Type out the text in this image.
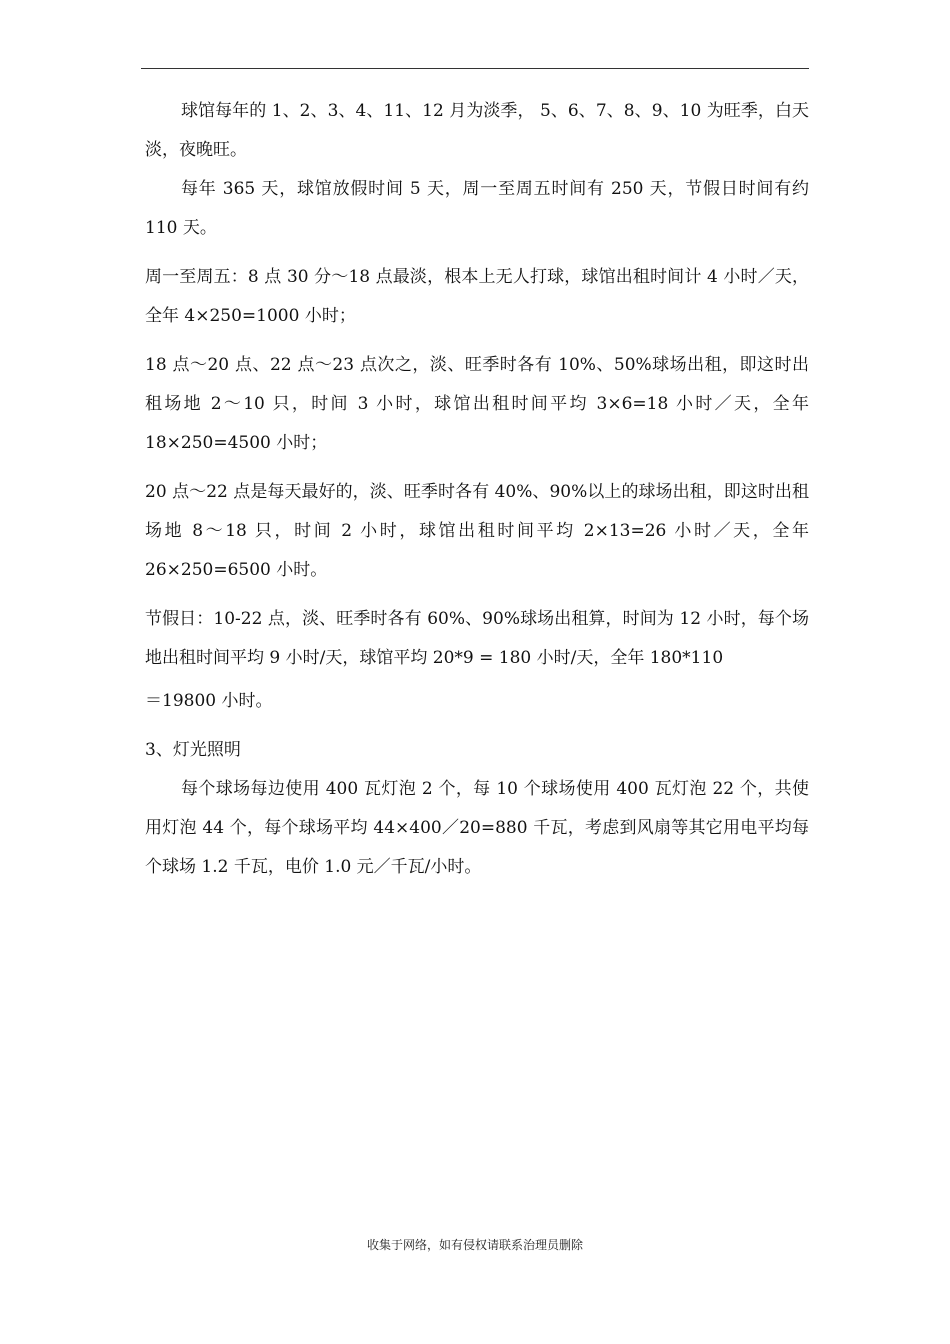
球馆每年的 1、2、3、4、11、12 月为淡季， 5、6、7、8、9、10 为旺季，白天淡，夜晚旺。

每年 365 天，球馆放假时间 5 天，周一至周五时间有 250 天，节假日时间有约 110 天。

周一至周五：8 点 30 分～18 点最淡，根本上无人打球，球馆出租时间计 4 小时／天，全年 4×250=1000 小时；

18 点～20 点、22 点～23 点次之，淡、旺季时各有 10%、50%球场出租，即这时出租场地 2～10 只，时间 3 小时，球馆出租时间平均 3×6=18 小时／天，全年 18×250=4500 小时；

20 点～22 点是每天最好的，淡、旺季时各有 40%、90%以上的球场出租，即这时出租场地 8～18 只，时间 2 小时，球馆出租时间平均 2×13=26 小时／天，全年 26×250=6500 小时。

节假日：10-22 点，淡、旺季时各有 60%、90%球场出租算，时间为 12 小时，每个场地出租时间平均 9 小时/天，球馆平均 20*9 = 180 小时/天，全年 180*110

＝19800 小时。

3、灯光照明

每个球场每边使用 400 瓦灯泡 2 个，每 10 个球场使用 400 瓦灯泡 22 个，共使用灯泡 44 个，每个球场平均 44×400／20=880 千瓦，考虑到风扇等其它用电平均每个球场 1.2 千瓦，电价 1.0 元／千瓦/小时。

收集于网络，如有侵权请联系治理员删除
